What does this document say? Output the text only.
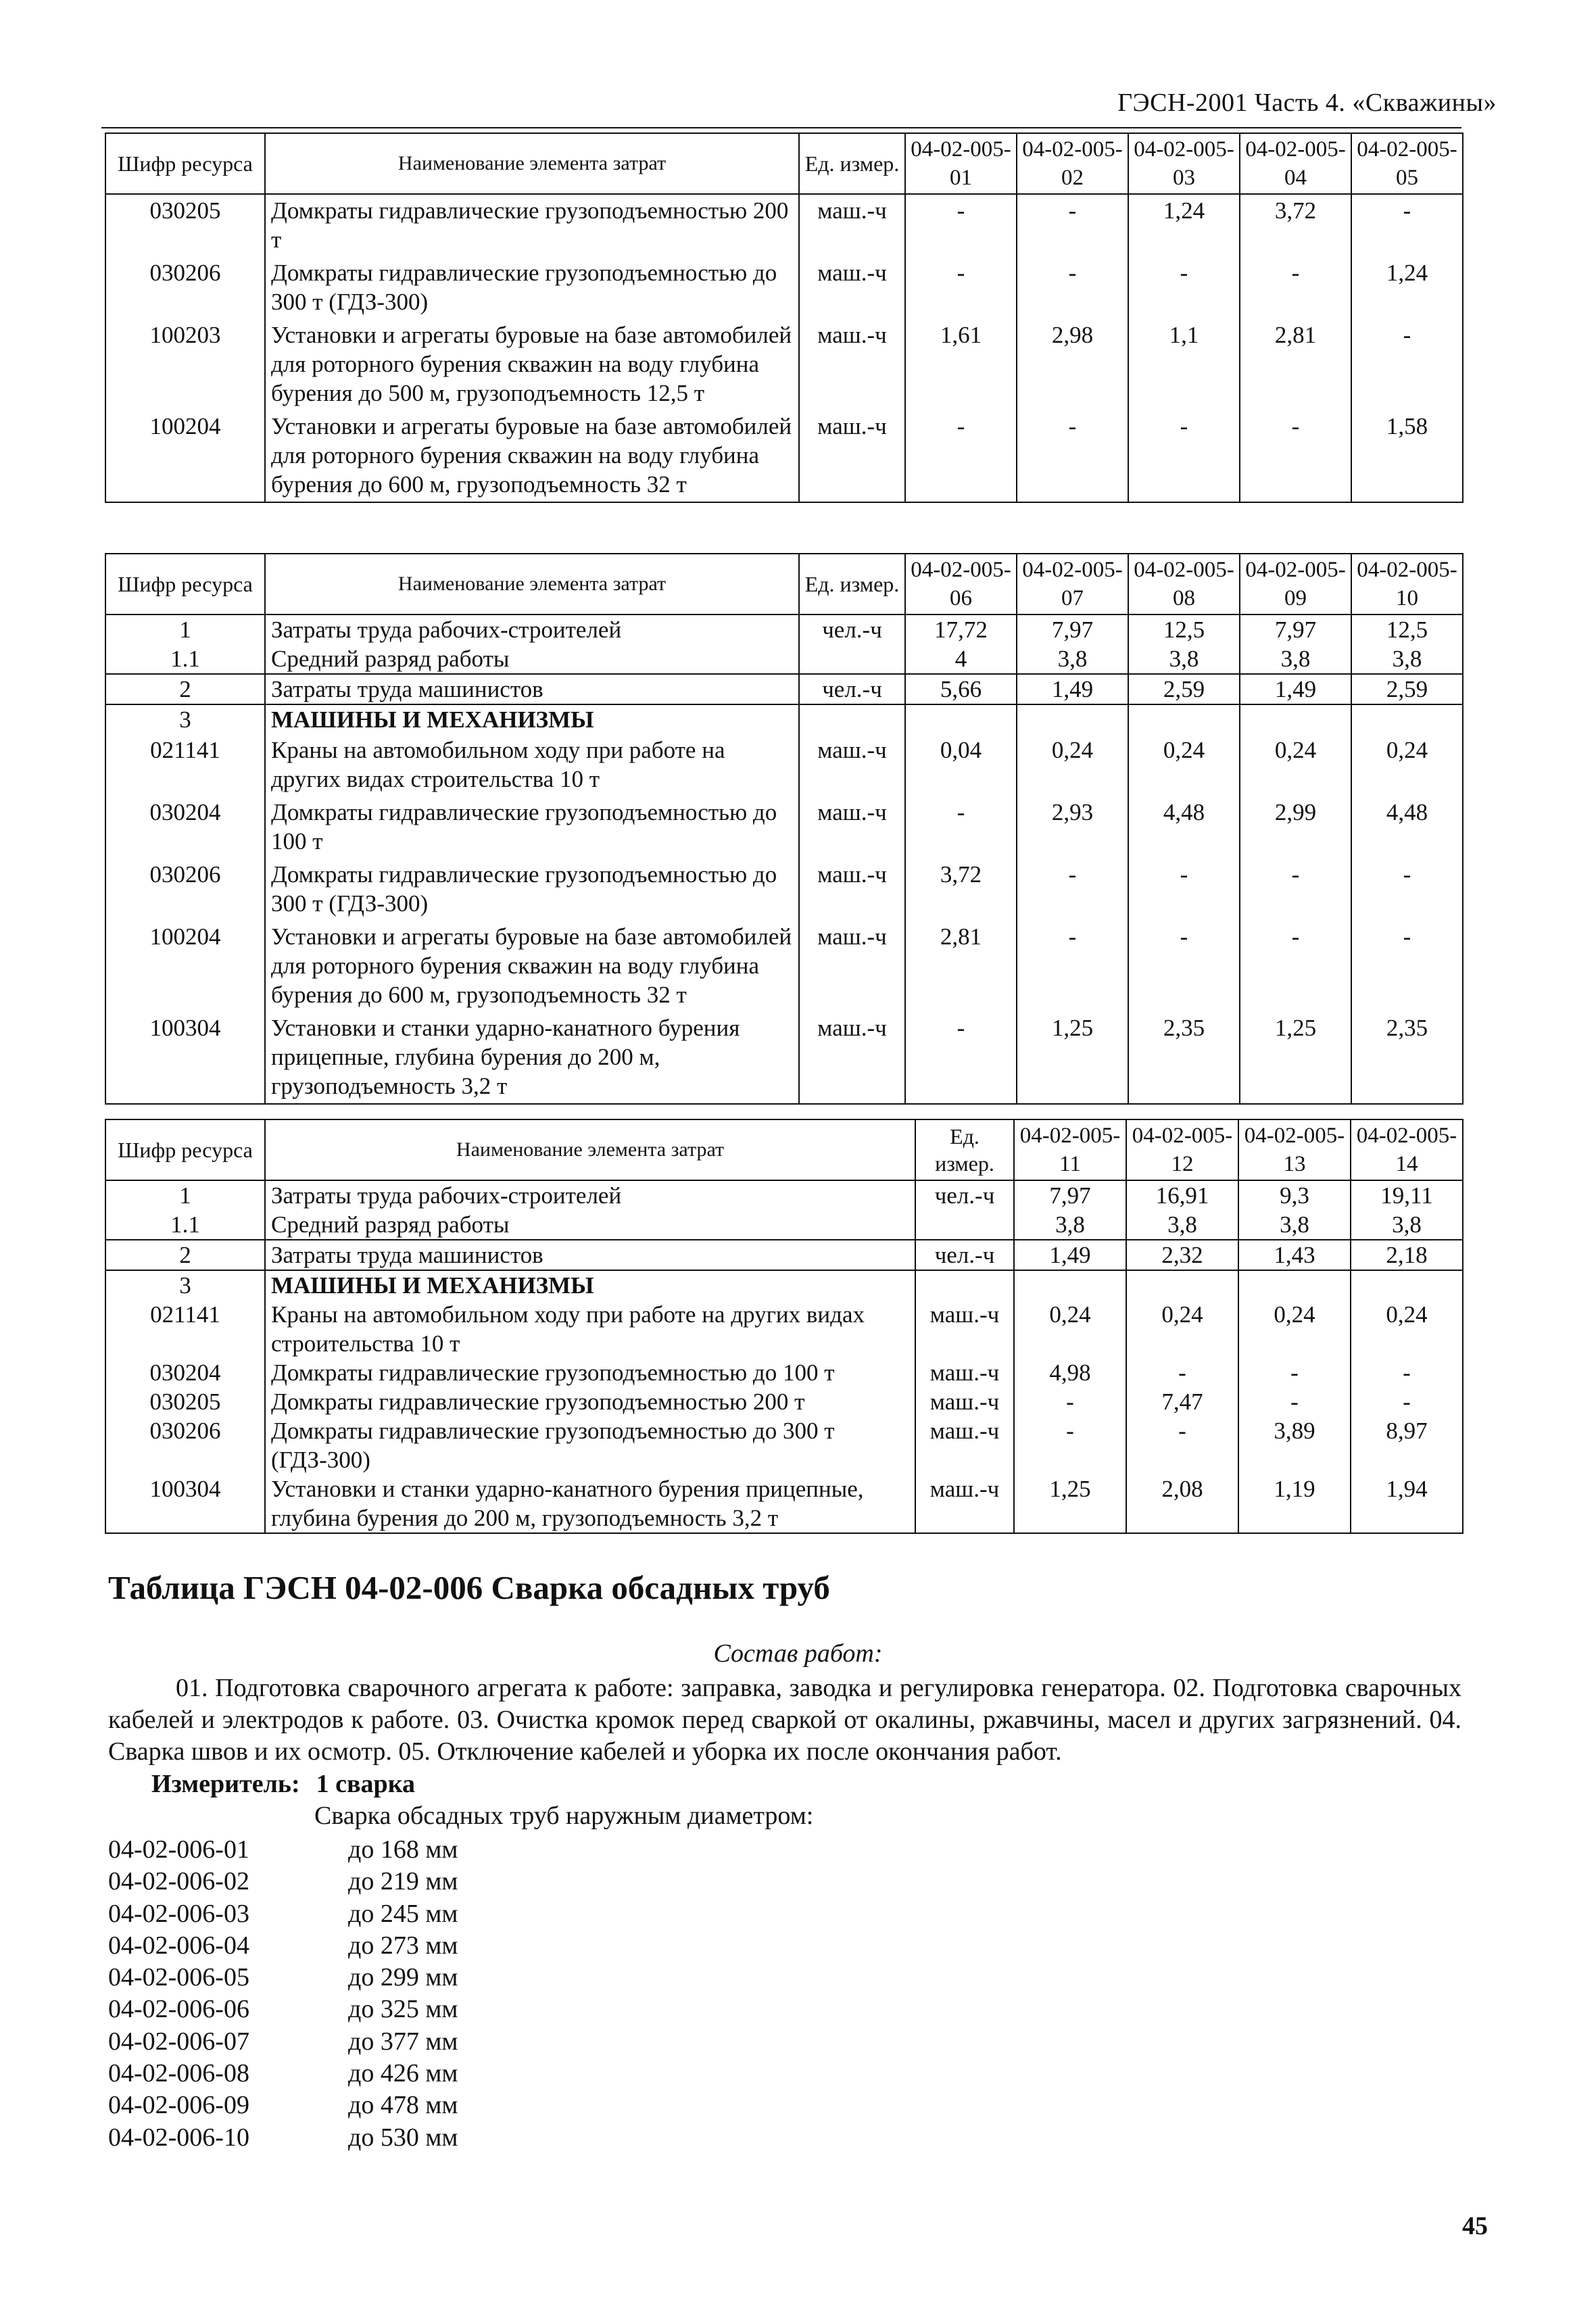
ГЭСН-2001 Часть 4. «Скважины»
Шифр ресурса	Наименование элемента затрат	Ед. измер.	04-02-005-01	04-02-005-02	04-02-005-03	04-02-005-04	04-02-005-05
030205	Домкраты гидравлические грузоподъемностью 200 т	маш.-ч	-	-	1,24	3,72	-
030206	Домкраты гидравлические грузоподъемностью до 300 т (ГДЗ-300)	маш.-ч	-	-	-	-	1,24
100203	Установки и агрегаты буровые на базе автомобилей для роторного бурения скважин на воду глубина бурения до 500 м, грузоподъемность 12,5 т	маш.-ч	1,61	2,98	1,1	2,81	-
100204	Установки и агрегаты буровые на базе автомобилей для роторного бурения скважин на воду глубина бурения до 600 м, грузоподъемность 32 т	маш.-ч	-	-	-	-	1,58
Шифр ресурса	Наименование элемента затрат	Ед. измер.	04-02-005-06	04-02-005-07	04-02-005-08	04-02-005-09	04-02-005-10
1	Затраты труда рабочих-строителей	чел.-ч	17,72	7,97	12,5	7,97	12,5
1.1	Средний разряд работы		4	3,8	3,8	3,8	3,8
2	Затраты труда машинистов	чел.-ч	5,66	1,49	2,59	1,49	2,59
3	МАШИНЫ И МЕХАНИЗМЫ						
021141	Краны на автомобильном ходу при работе на других видах строительства 10 т	маш.-ч	0,04	0,24	0,24	0,24	0,24
030204	Домкраты гидравлические грузоподъемностью до 100 т	маш.-ч	-	2,93	4,48	2,99	4,48
030206	Домкраты гидравлические грузоподъемностью до 300 т (ГДЗ-300)	маш.-ч	3,72	-	-	-	-
100204	Установки и агрегаты буровые на базе автомобилей для роторного бурения скважин на воду глубина бурения до 600 м, грузоподъемность 32 т	маш.-ч	2,81	-	-	-	-
100304	Установки и станки ударно-канатного бурения прицепные, глубина бурения до 200 м, грузоподъемность 3,2 т	маш.-ч	-	1,25	2,35	1,25	2,35
Шифр ресурса	Наименование элемента затрат	Ед. измер.	04-02-005-11	04-02-005-12	04-02-005-13	04-02-005-14
1	Затраты труда рабочих-строителей	чел.-ч	7,97	16,91	9,3	19,11
1.1	Средний разряд работы		3,8	3,8	3,8	3,8
2	Затраты труда машинистов	чел.-ч	1,49	2,32	1,43	2,18
3	МАШИНЫ И МЕХАНИЗМЫ					
021141	Краны на автомобильном ходу при работе на других видах строительства 10 т	маш.-ч	0,24	0,24	0,24	0,24
030204	Домкраты гидравлические грузоподъемностью до 100 т	маш.-ч	4,98	-	-	-
030205	Домкраты гидравлические грузоподъемностью 200 т	маш.-ч	-	7,47	-	-
030206	Домкраты гидравлические грузоподъемностью до 300 т (ГДЗ-300)	маш.-ч	-	-	3,89	8,97
100304	Установки и станки ударно-канатного бурения прицепные, глубина бурения до 200 м, грузоподъемность 3,2 т	маш.-ч	1,25	2,08	1,19	1,94
Таблица ГЭСН 04-02-006 Сварка обсадных труб
Состав работ:
01. Подготовка сварочного агрегата к работе: заправка, заводка и регулировка генератора. 02. Подготовка сварочных кабелей и электродов к работе. 03. Очистка кромок перед сваркой от окалины, ржавчины, масел и других загрязнений. 04. Сварка швов и их осмотр. 05. Отключение кабелей и уборка их после окончания работ.
Измеритель: 1 сварка
Сварка обсадных труб наружным диаметром:
04-02-006-01	до 168 мм
04-02-006-02	до 219 мм
04-02-006-03	до 245 мм
04-02-006-04	до 273 мм
04-02-006-05	до 299 мм
04-02-006-06	до 325 мм
04-02-006-07	до 377 мм
04-02-006-08	до 426 мм
04-02-006-09	до 478 мм
04-02-006-10	до 530 мм
45
